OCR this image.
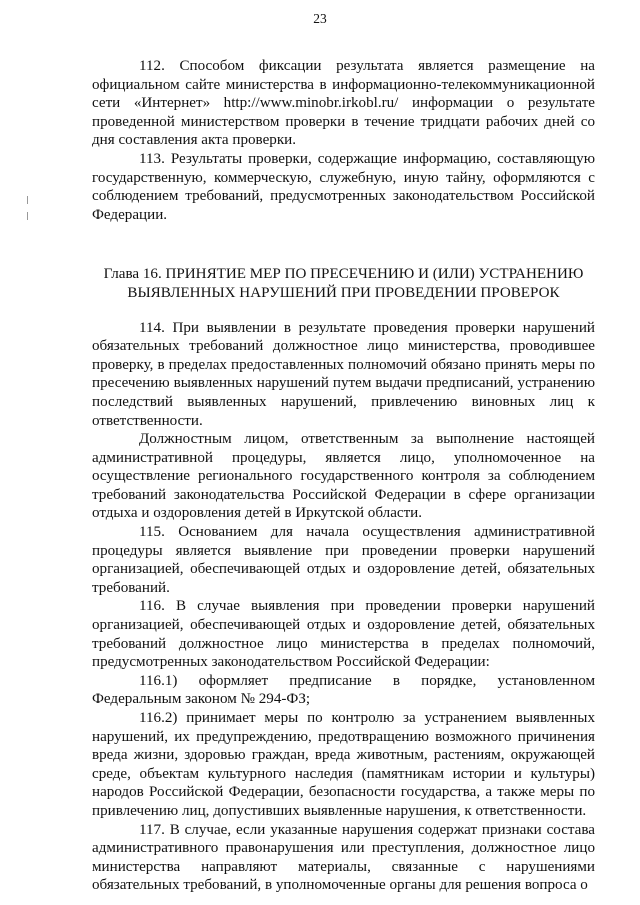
23

112. Способом фиксации результата является размещение на официальном сайте министерства в информационно-телекоммуникационной сети «Интернет» http://www.minobr.irkobl.ru/ информации о результате проведенной министерством проверки в течение тридцати рабочих дней со дня составления акта проверки.

113. Результаты проверки, содержащие информацию, составляющую государственную, коммерческую, служебную, иную тайну, оформляются с соблюдением требований, предусмотренных законодательством Российской Федерации.

Глава 16. ПРИНЯТИЕ МЕР ПО ПРЕСЕЧЕНИЮ И (ИЛИ) УСТРАНЕНИЮ
ВЫЯВЛЕННЫХ НАРУШЕНИЙ ПРИ ПРОВЕДЕНИИ ПРОВЕРОК

114. При выявлении в результате проведения проверки нарушений обязательных требований должностное лицо министерства, проводившее проверку, в пределах предоставленных полномочий обязано принять меры по пресечению выявленных нарушений путем выдачи предписаний, устранению последствий выявленных нарушений, привлечению виновных лиц к ответственности.

Должностным лицом, ответственным за выполнение настоящей административной процедуры, является лицо, уполномоченное на осуществление регионального государственного контроля за соблюдением требований законодательства Российской Федерации в сфере организации отдыха и оздоровления детей в Иркутской области.

115. Основанием для начала осуществления административной процедуры является выявление при проведении проверки нарушений организацией, обеспечивающей отдых и оздоровление детей, обязательных требований.

116. В случае выявления при проведении проверки нарушений организацией, обеспечивающей отдых и оздоровление детей, обязательных требований должностное лицо министерства в пределах полномочий, предусмотренных законодательством Российской Федерации:

116.1) оформляет предписание в порядке, установленном Федеральным законом № 294-ФЗ;

116.2) принимает меры по контролю за устранением выявленных нарушений, их предупреждению, предотвращению возможного причинения вреда жизни, здоровью граждан, вреда животным, растениям, окружающей среде, объектам культурного наследия (памятникам истории и культуры) народов Российской Федерации, безопасности государства, а также меры по привлечению лиц, допустивших выявленные нарушения, к ответственности.

117. В случае, если указанные нарушения содержат признаки состава административного правонарушения или преступления, должностное лицо министерства направляют материалы, связанные с нарушениями обязательных требований, в уполномоченные органы для решения вопроса о
